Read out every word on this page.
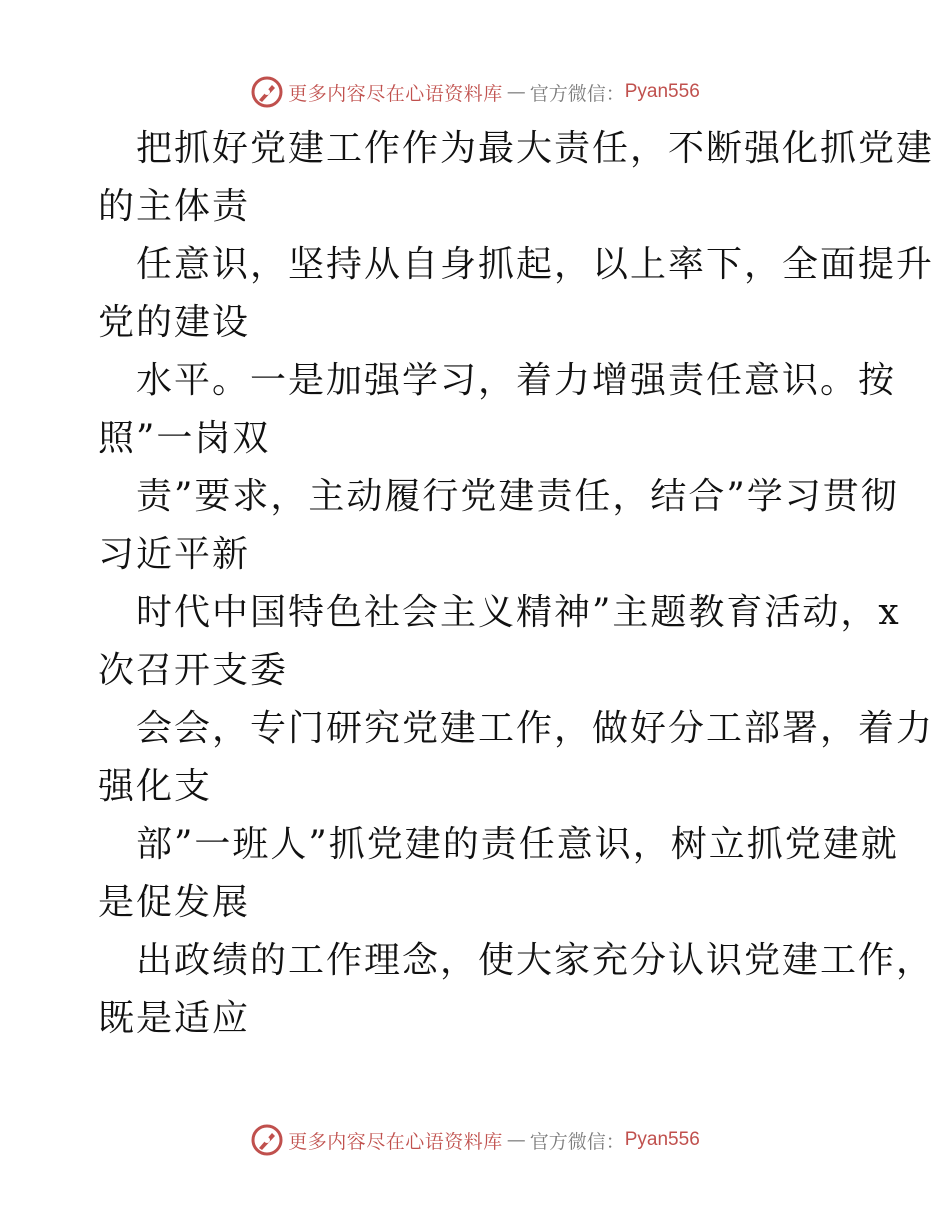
更多内容尽在心语资料库 — 官方微信： Pyan556
把抓好党建工作作为最大责任，不断强化抓党建
的主体责
任意识，坚持从自身抓起，以上率下，全面提升
党的建设
水平。一是加强学习，着力增强责任意识。按
照”一岗双
责”要求，主动履行党建责任，结合”学习贯彻
习近平新
时代中国特色社会主义精神”主题教育活动，x
次召开支委
会会，专门研究党建工作，做好分工部署，着力
强化支
部”一班人”抓党建的责任意识，树立抓党建就
是促发展
出政绩的工作理念，使大家充分认识党建工作，
既是适应
更多内容尽在心语资料库 — 官方微信： Pyan556
